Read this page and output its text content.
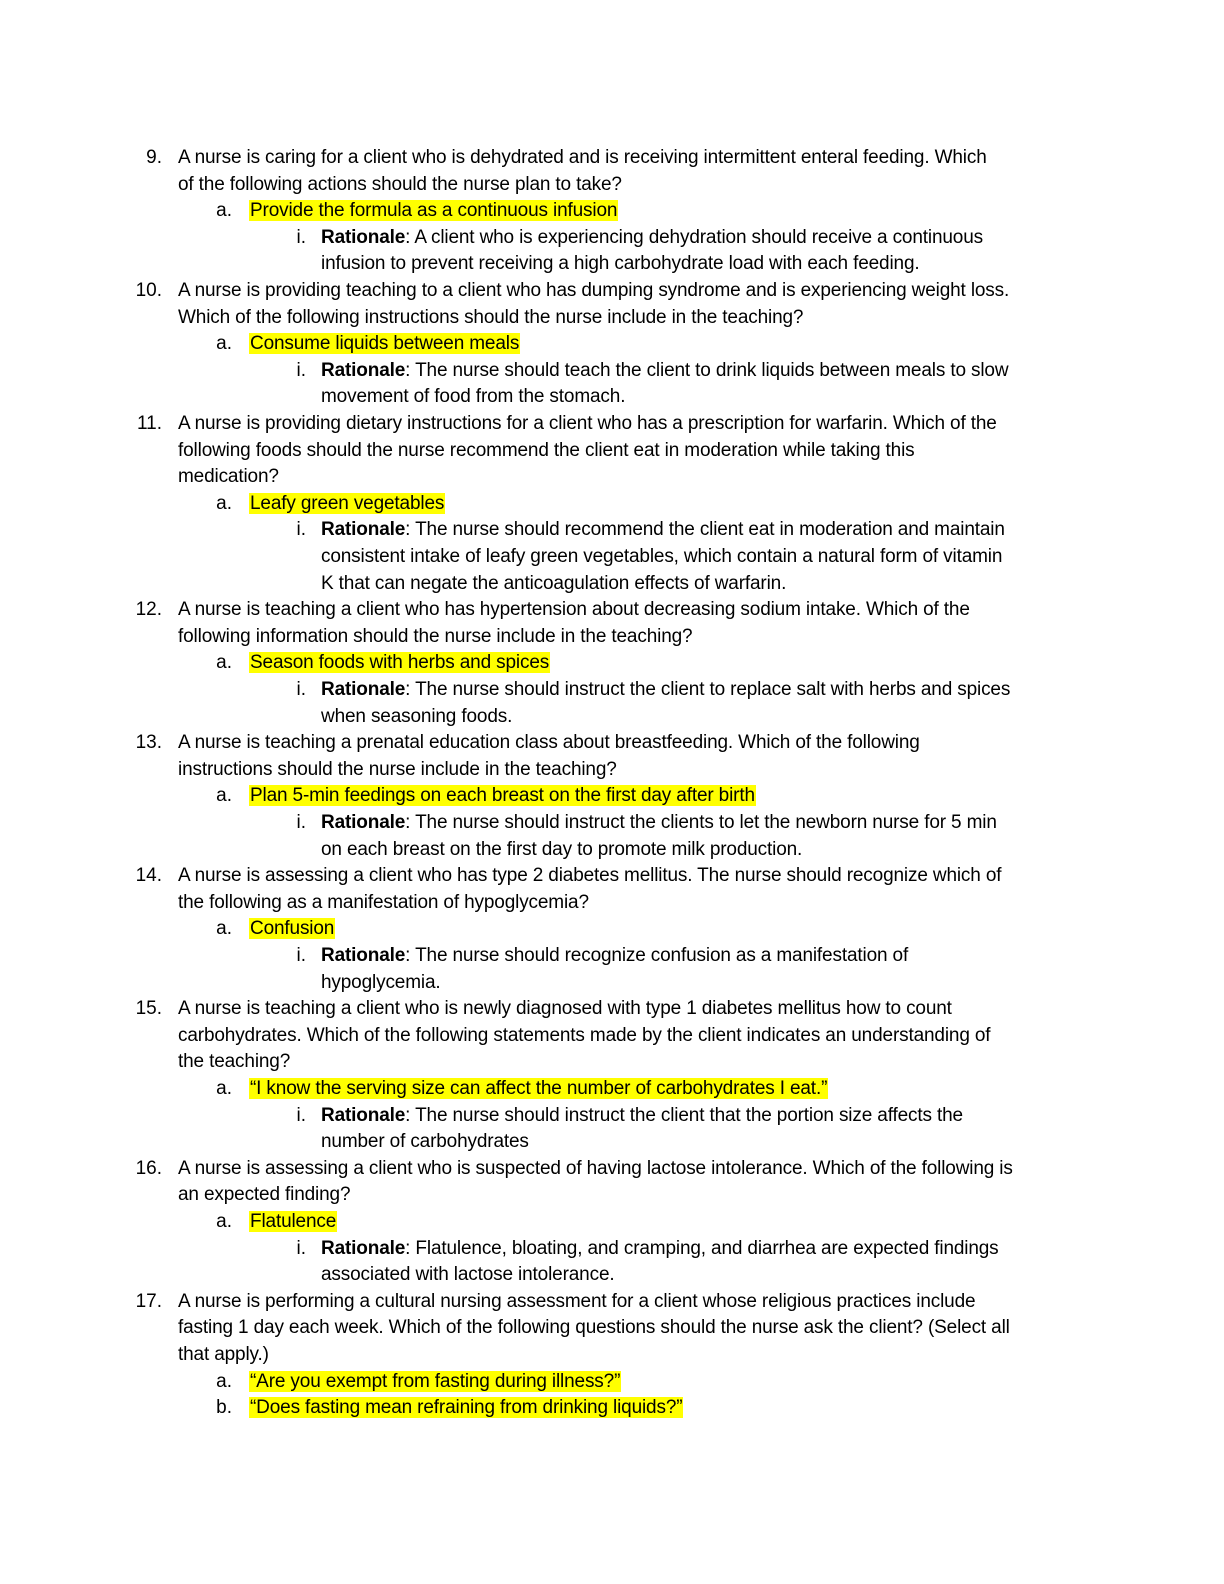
9. A nurse is caring for a client who is dehydrated and is receiving intermittent enteral feeding. Which
of the following actions should the nurse plan to take?
a. Provide the formula as a continuous infusion
i. Rationale: A client who is experiencing dehydration should receive a continuous
infusion to prevent receiving a high carbohydrate load with each feeding.
10. A nurse is providing teaching to a client who has dumping syndrome and is experiencing weight loss.
Which of the following instructions should the nurse include in the teaching?
a. Consume liquids between meals
i. Rationale: The nurse should teach the client to drink liquids between meals to slow
movement of food from the stomach.
11. A nurse is providing dietary instructions for a client who has a prescription for warfarin. Which of the
following foods should the nurse recommend the client eat in moderation while taking this
medication?
a. Leafy green vegetables
i. Rationale: The nurse should recommend the client eat in moderation and maintain
consistent intake of leafy green vegetables, which contain a natural form of vitamin
K that can negate the anticoagulation effects of warfarin.
12. A nurse is teaching a client who has hypertension about decreasing sodium intake. Which of the
following information should the nurse include in the teaching?
a. Season foods with herbs and spices
i. Rationale: The nurse should instruct the client to replace salt with herbs and spices
when seasoning foods.
13. A nurse is teaching a prenatal education class about breastfeeding. Which of the following
instructions should the nurse include in the teaching?
a. Plan 5-min feedings on each breast on the first day after birth
i. Rationale: The nurse should instruct the clients to let the newborn nurse for 5 min
on each breast on the first day to promote milk production.
14. A nurse is assessing a client who has type 2 diabetes mellitus. The nurse should recognize which of
the following as a manifestation of hypoglycemia?
a. Confusion
i. Rationale: The nurse should recognize confusion as a manifestation of
hypoglycemia.
15. A nurse is teaching a client who is newly diagnosed with type 1 diabetes mellitus how to count
carbohydrates. Which of the following statements made by the client indicates an understanding of
the teaching?
a. “I know the serving size can affect the number of carbohydrates I eat.”
i. Rationale: The nurse should instruct the client that the portion size affects the
number of carbohydrates
16. A nurse is assessing a client who is suspected of having lactose intolerance. Which of the following is
an expected finding?
a. Flatulence
i. Rationale: Flatulence, bloating, and cramping, and diarrhea are expected findings
associated with lactose intolerance.
17. A nurse is performing a cultural nursing assessment for a client whose religious practices include
fasting 1 day each week. Which of the following questions should the nurse ask the client? (Select all
that apply.)
a. “Are you exempt from fasting during illness?”
b. “Does fasting mean refraining from drinking liquids?”
